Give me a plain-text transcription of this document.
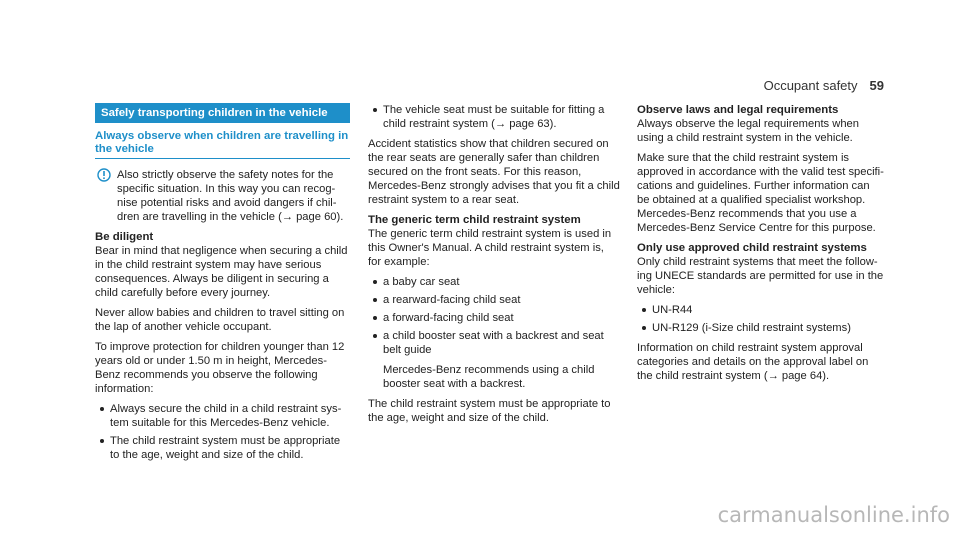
Occupant safety 59
Safely transporting children in the vehicle
Always observe when children are travelling in the vehicle
Also strictly observe the safety notes for the specific situation. In this way you can recognise potential risks and avoid dangers if children are travelling in the vehicle (→ page 60).
Be diligent

Bear in mind that negligence when securing a child in the child restraint system may have serious consequences. Always be diligent in securing a child carefully before every journey.

Never allow babies and children to travel sitting on the lap of another vehicle occupant.

To improve protection for children younger than 12 years old or under 1.50 m in height, Mercedes-Benz recommends you observe the following information:

Always secure the child in a child restraint system suitable for this Mercedes-Benz vehicle.
The child restraint system must be appropriate to the age, weight and size of the child.
The vehicle seat must be suitable for fitting a child restraint system (→ page 63).

Accident statistics show that children secured on the rear seats are generally safer than children secured on the front seats. For this reason, Mercedes-Benz strongly advises that you fit a child restraint system to a rear seat.

The generic term child restraint system

The generic term child restraint system is used in this Owner's Manual. A child restraint system is, for example:

a baby car seat
a rearward-facing child seat
a forward-facing child seat
a child booster seat with a backrest and seat belt guide

Mercedes-Benz recommends using a child booster seat with a backrest.

The child restraint system must be appropriate to the age, weight and size of the child.

Observe laws and legal requirements

Always observe the legal requirements when using a child restraint system in the vehicle.

Make sure that the child restraint system is approved in accordance with the valid test specifications and guidelines. Further information can be obtained at a qualified specialist workshop. Mercedes-Benz recommends that you use a Mercedes-Benz Service Centre for this purpose.

Only use approved child restraint systems

Only child restraint systems that meet the following UNECE standards are permitted for use in the vehicle:

UN-R44
UN-R129 (i-Size child restraint systems)

Information on child restraint system approval categories and details on the approval label on the child restraint system (→ page 64).

carmanualsonline.info
